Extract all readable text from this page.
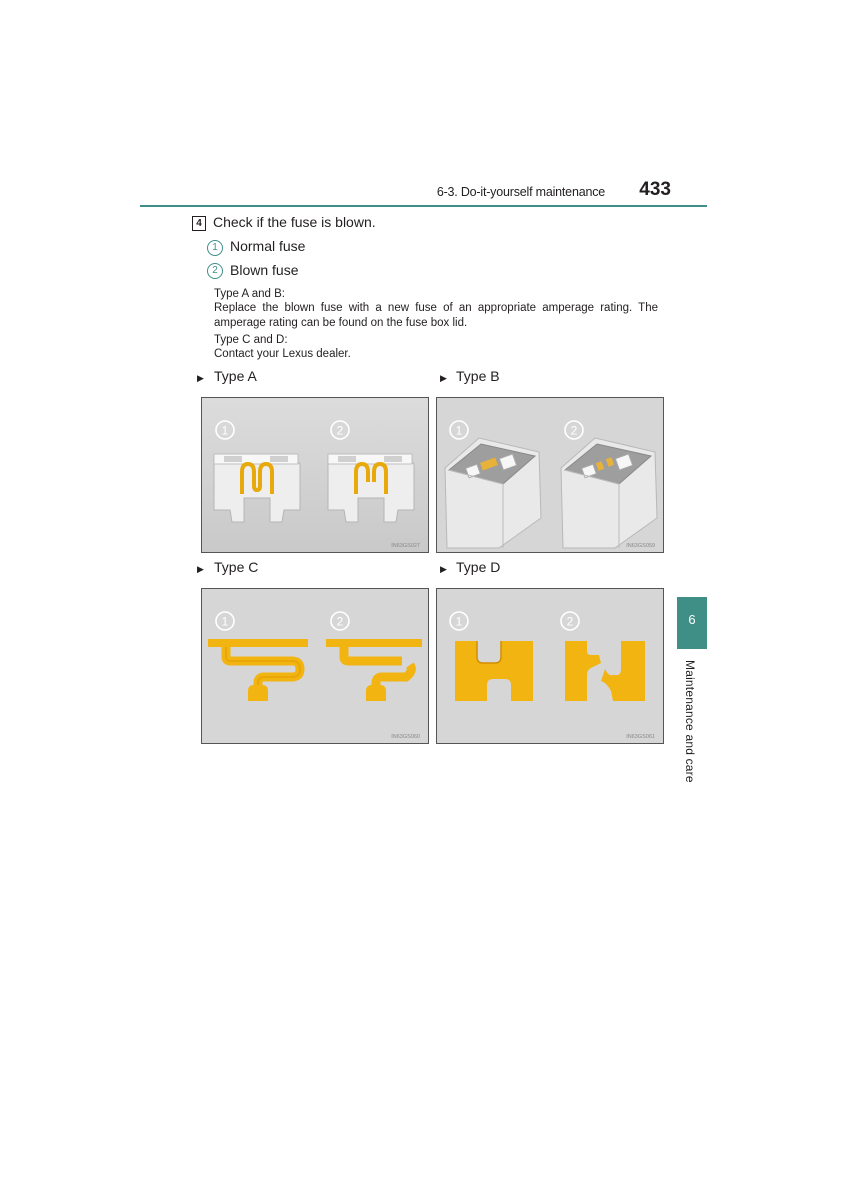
6-3. Do-it-yourself maintenance	433
4 Check if the fuse is blown.
1 Normal fuse
2 Blown fuse
Type A and B:
Replace the blown fuse with a new fuse of an appropriate amperage rating. The amperage rating can be found on the fuse box lid.
Type C and D:
Contact your Lexus dealer.
▶ Type A	▶ Type B
▶ Type C	▶ Type D
1	2
IN63GS027
1	2
IN63GS059
1	2
IN63GS060
1	2
IN63GS061
6
Maintenance and care
